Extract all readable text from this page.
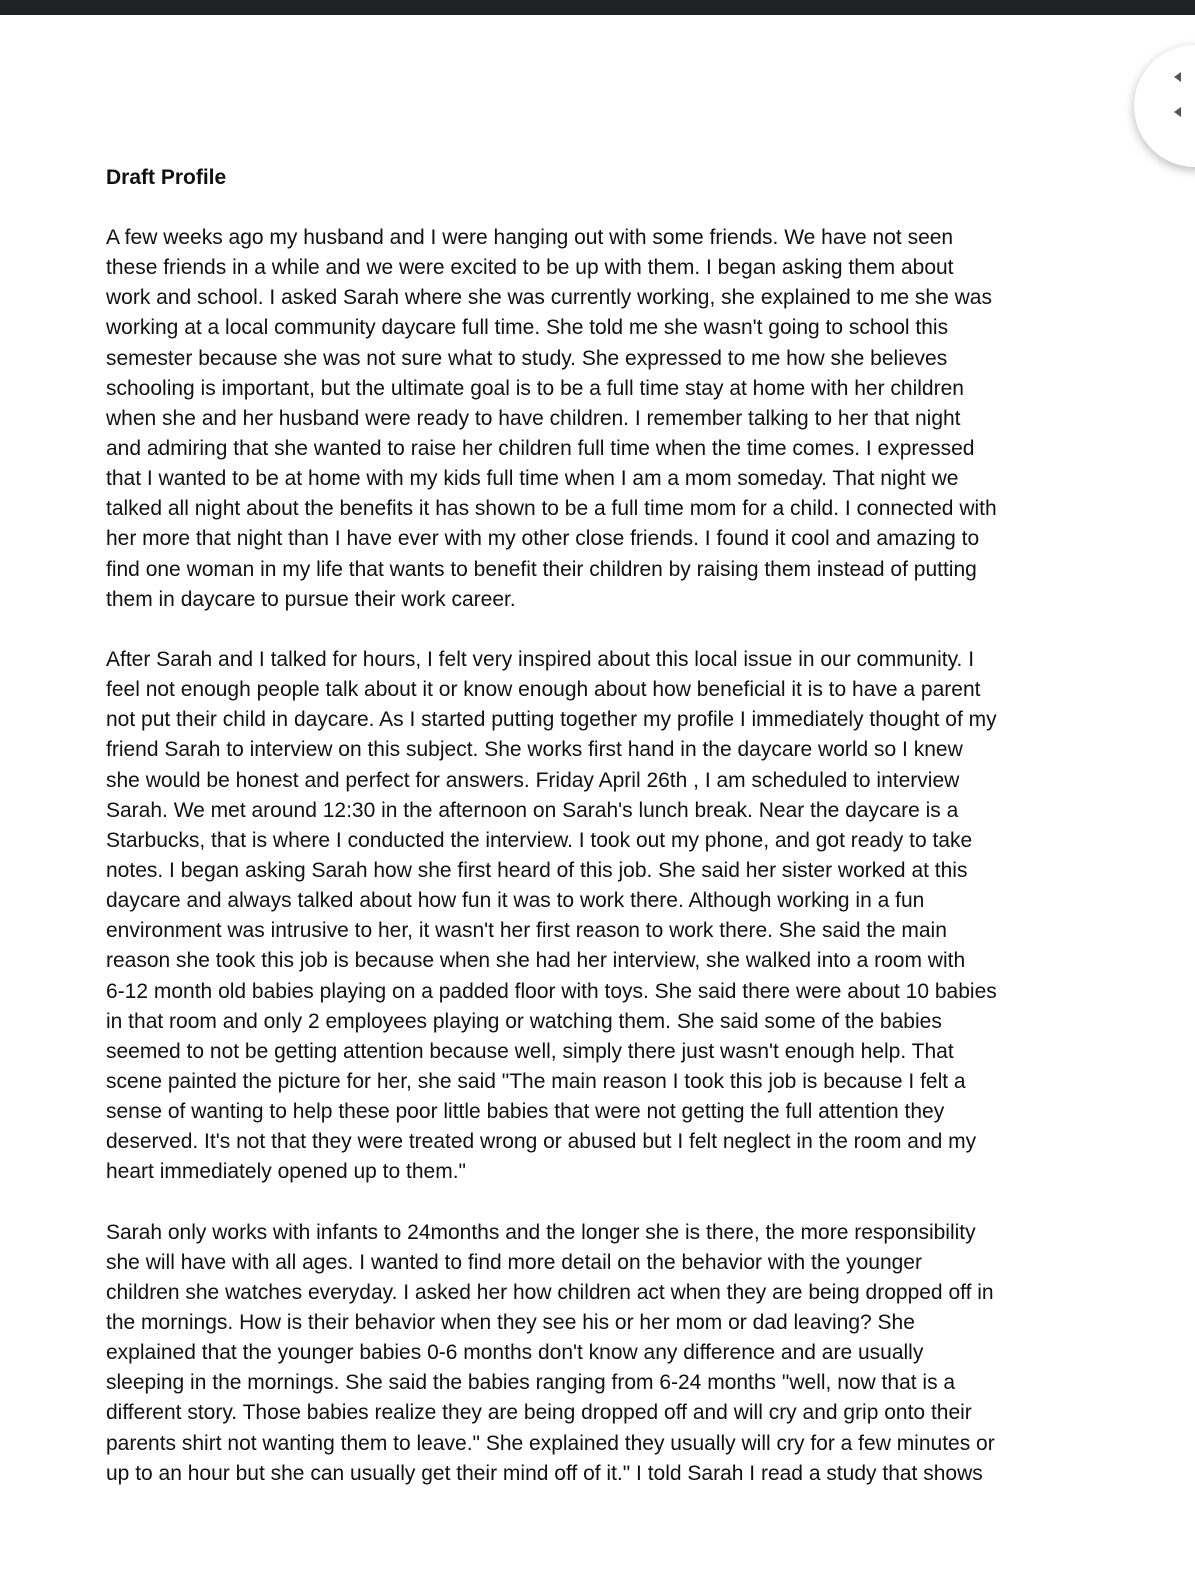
Draft Profile
A few weeks ago my husband and I were hanging out with some friends. We have not seen
these friends in a while and we were excited to be up with them. I began asking them about
work and school. I asked Sarah where she was currently working, she explained to me she was
working at a local community daycare full time. She told me she wasn't going to school this
semester because she was not sure what to study. She expressed to me how she believes
schooling is important, but the ultimate goal is to be a full time stay at home with her children
when she and her husband were ready to have children. I remember talking to her that night
and admiring that she wanted to raise her children full time when the time comes. I expressed
that I wanted to be at home with my kids full time when I am a mom someday. That night we
talked all night about the benefits it has shown to be a full time mom for a child. I connected with
her more that night than I have ever with my other close friends. I found it cool and amazing to
find one woman in my life that wants to benefit their children by raising them instead of putting
them in daycare to pursue their work career.
After Sarah and I talked for hours, I felt very inspired about this local issue in our community. I
feel not enough people talk about it or know enough about how beneficial it is to have a parent
not put their child in daycare. As I started putting together my profile I immediately thought of my
friend Sarah to interview on this subject. She works first hand in the daycare world so I knew
she would be honest and perfect for answers. Friday April 26th , I am scheduled to interview
Sarah. We met around 12:30 in the afternoon on Sarah's lunch break. Near the daycare is a
Starbucks, that is where I conducted the interview. I took out my phone, and got ready to take
notes. I began asking Sarah how she first heard of this job. She said her sister worked at this
daycare and always talked about how fun it was to work there. Although working in a fun
environment was intrusive to her, it wasn't her first reason to work there. She said the main
reason she took this job is because when she had her interview, she walked into a room with
6-12 month old babies playing on a padded floor with toys. She said there were about 10 babies
in that room and only 2 employees playing or watching them. She said some of the babies
seemed to not be getting attention because well, simply there just wasn't enough help. That
scene painted the picture for her, she said "The main reason I took this job is because I felt a
sense of wanting to help these poor little babies that were not getting the full attention they
deserved. It's not that they were treated wrong or abused but I felt neglect in the room and my
heart immediately opened up to them."
Sarah only works with infants to 24months and the longer she is there, the more responsibility
she will have with all ages. I wanted to find more detail on the behavior with the younger
children she watches everyday. I asked her how children act when they are being dropped off in
the mornings. How is their behavior when they see his or her mom or dad leaving? She
explained that the younger babies 0-6 months don't know any difference and are usually
sleeping in the mornings. She said the babies ranging from 6-24 months "well, now that is a
different story. Those babies realize they are being dropped off and will cry and grip onto their
parents shirt not wanting them to leave." She explained they usually will cry for a few minutes or
up to an hour but she can usually get their mind off of it." I told Sarah I read a study that shows
